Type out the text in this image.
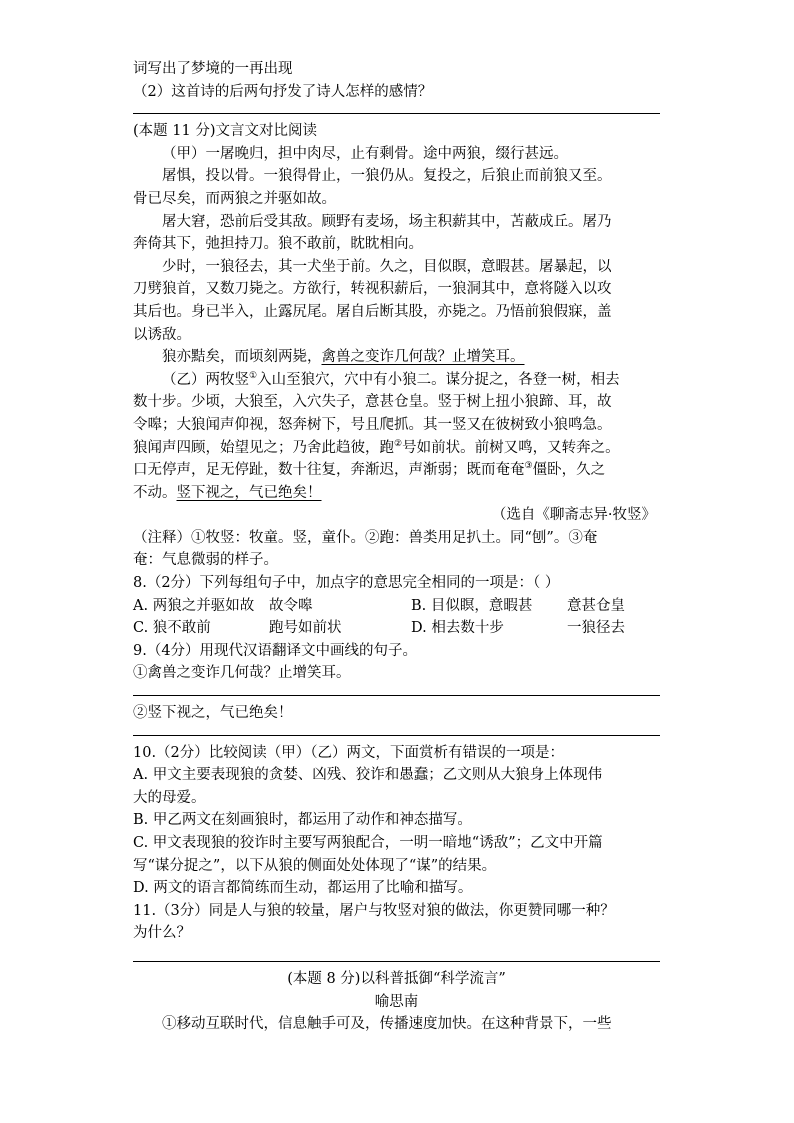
词写出了梦境的一再出现
（2）这首诗的后两句抒发了诗人怎样的感情？
(本题 11 分)文言文对比阅读
（甲）一屠晚归，担中肉尽，止有剩骨。途中两狼，缀行甚远。
屠惧，投以骨。一狼得骨止，一狼仍从。复投之，后狼止而前狼又至。
骨已尽矣，而两狼之并驱如故。
屠大窘，恐前后受其敌。顾野有麦场，场主积薪其中，苫蔽成丘。屠乃
奔倚其下，弛担持刀。狼不敢前，眈眈相向。
少时，一狼径去，其一犬坐于前。久之，目似瞑，意暇甚。屠暴起，以
刀劈狼首，又数刀毙之。方欲行，转视积薪后，一狼洞其中，意将隧入以攻
其后也。身已半入，止露尻尾。屠自后断其股，亦毙之。乃悟前狼假寐，盖
以诱敌。
狼亦黠矣，而顷刻两毙，禽兽之变诈几何哉？止增笑耳。
（乙）两牧竖①入山至狼穴，穴中有小狼二。谋分捉之，各登一树，相去
数十步。少顷，大狼至，入穴失子，意甚仓皇。竖于树上扭小狼蹄、耳，故
令嗥；大狼闻声仰视，怒奔树下，号且爬抓。其一竖又在彼树致小狼鸣急。
狼闻声四顾，始望见之；乃舍此趋彼，跑②号如前状。前树又鸣，又转奔之。
口无停声，足无停趾，数十往复，奔渐迟，声渐弱；既而奄奄③僵卧，久之
不动。竖下视之，气已绝矣！
（选自《聊斋志异·牧竖》
（注释）①牧竖：牧童。竖，童仆。②跑：兽类用足扒土。同“刨”。③奄
奄：气息微弱的样子。
8.（2分）下列每组句子中，加点字的意思完全相同的一项是：（ ）
A. 两狼之并驱如故 故令嗥	B. 目似瞑，意暇甚 意甚仓皇
C. 狼不敢前	跑号如前状	D. 相去数十步	一狼径去
9.（4分）用现代汉语翻译文中画线的句子。
①禽兽之变诈几何哉？止增笑耳。
②竖下视之，气已绝矣！
10.（2分）比较阅读（甲）（乙）两文，下面赏析有错误的一项是：
A. 甲文主要表现狼的贪婪、凶残、狡诈和愚蠢；乙文则从大狼身上体现伟
大的母爱。
B. 甲乙两文在刻画狼时，都运用了动作和神态描写。
C. 甲文表现狼的狡诈时主要写两狼配合，一明一暗地“诱敌”；乙文中开篇
写“谋分捉之”，以下从狼的侧面处处体现了“谋”的结果。
D. 两文的语言都简练而生动，都运用了比喻和描写。
11.（3分）同是人与狼的较量，屠户与牧竖对狼的做法，你更赞同哪一种？
为什么？
(本题 8 分)以科普抵御“科学流言”
喻思南
①移动互联时代，信息触手可及，传播速度加快。在这种背景下，一些
